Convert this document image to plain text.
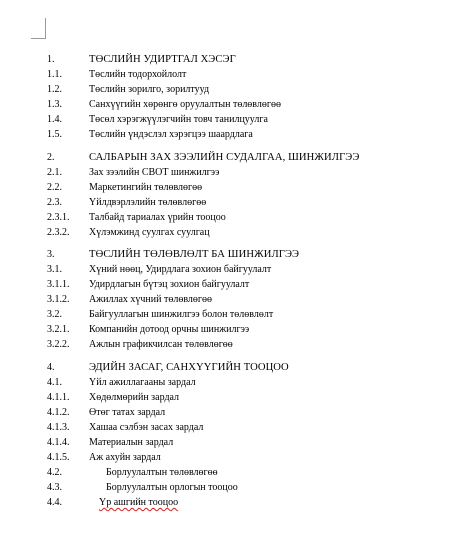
1.	ТӨСЛИЙН УДИРТГАЛ ХЭСЭГ
1.1.	Төслийн тодорхойлолт
1.2.	Төслийн зорилго, зорилтууд
1.3.	Санхүүгийн хөрөнгө оруулалтын төлөвлөгөө
1.4.	Төсөл хэрэгжүүлэгчийн товч танилцуулга
1.5.	Төслийн үндэслэл хэрэгцээ шаардлага
2.	САЛБАРЫН ЗАХ ЗЭЭЛИЙН СУДАЛГАА, ШИНЖИЛГЭЭ
2.1.	Зах зээлийн СВОТ шинжилгээ
2.2.	Маркетингийн төлөвлөгөө
2.3.	Үйлдвэрлэлийн төлөвлөгөө
2.3.1. Талбайд тариалах үрийн тооцоо
2.3.2. Хүлэмжинд суулгах суулгац
3.	ТӨСЛИЙН ТӨЛӨВЛӨЛТ БА ШИНЖИЛГЭЭ
3.1.	Хүний нөөц, Удирдлага зохион байгуулалт
3.1.1. Удирдлагын бүтэц зохион байгуулалт
3.1.2. Ажиллах хүчний төлөвлөгөө
3.2.	Байгууллагын шинжилгээ болон төлөвлөлт
3.2.1. Компанийн дотоод орчны шинжилгээ
3.2.2. Ажлын графикчилсан төлөвлөгөө
4.	ЭДИЙН ЗАСАГ, САНХҮҮГИЙН ТООЦОО
4.1.	Үйл ажиллагааны зардал
4.1.1. Хөдөлмөрийн зардал
4.1.2. Өтөг татах зардал
4.1.3. Хашаа сэлбэн засах зардал
4.1.4. Материалын зардал
4.1.5. Аж ахуйн зардал
4.2.	Борлуулалтын төлөвлөгөө
4.3.	Борлуулалтын орлогын тооцоо
4.4.	Үр ашгийн тооцоо
